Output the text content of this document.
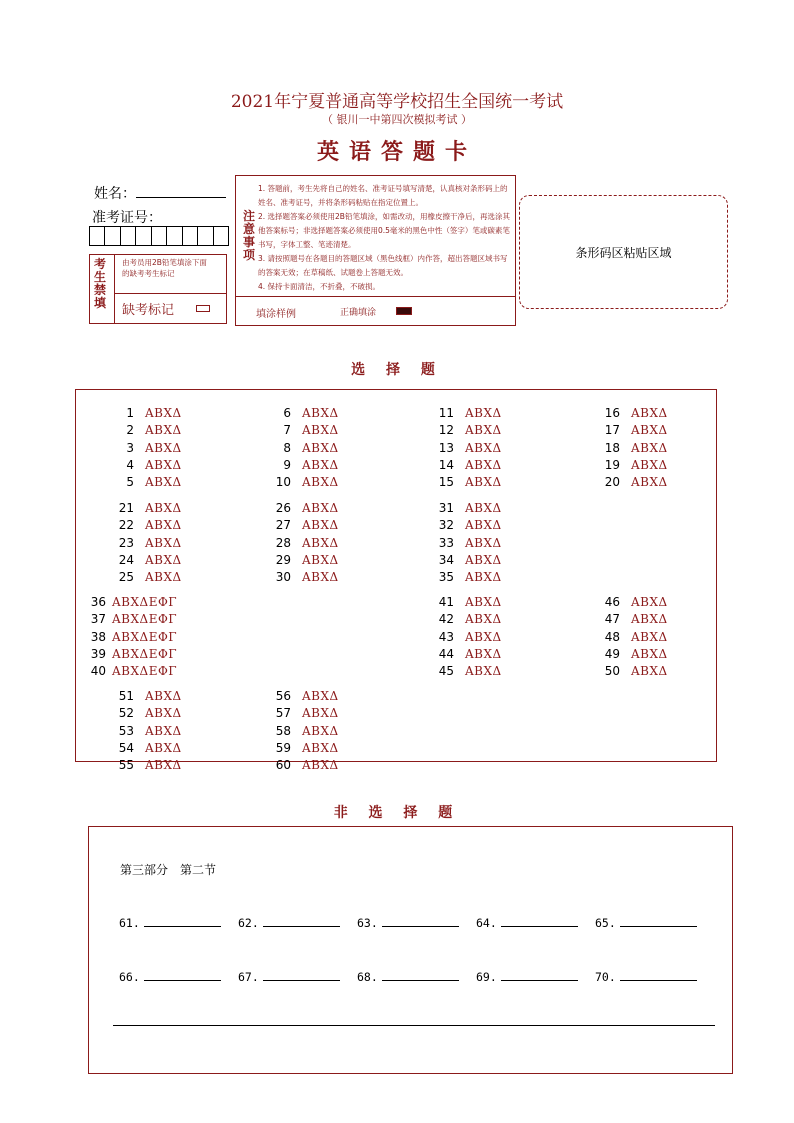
2021年宁夏普通高等学校招生全国统一考试
（ 银川一中第四次模拟考试 ）
英语答题卡
姓名：
准考证号：
考生禁填
由考员用2B铅笔填涂下面的缺考考生标记
缺考标记
注意事项
1. 答题前，考生先将自己的姓名、准考证号填写清楚，认真核对条形码上的姓名、准考证号，并将条形码粘贴在指定位置上。
2. 选择题答案必须使用2B铅笔填涂，如需改动，用橡皮擦干净后，再选涂其他答案标号；非选择题答案必须使用0.5毫米的黑色中性（签字）笔或碳素笔书写，字体工整、笔迹清楚。
3. 请按照题号在各题目的答题区域（黑色线框）内作答，超出答题区域书写的答案无效；在草稿纸、试题卷上答题无效。
4. 保持卡面清洁，不折叠，不破损。
填涂样例	正确填涂
条形码区粘贴区域
选 择 题
1 ΑΒΧΔ
2 ΑΒΧΔ
3 ΑΒΧΔ
4 ΑΒΧΔ
5 ΑΒΧΔ
6 ΑΒΧΔ
7 ΑΒΧΔ
8 ΑΒΧΔ
9 ΑΒΧΔ
10 ΑΒΧΔ
11 ΑΒΧΔ
12 ΑΒΧΔ
13 ΑΒΧΔ
14 ΑΒΧΔ
15 ΑΒΧΔ
16 ΑΒΧΔ
17 ΑΒΧΔ
18 ΑΒΧΔ
19 ΑΒΧΔ
20 ΑΒΧΔ
21 ΑΒΧΔ
22 ΑΒΧΔ
23 ΑΒΧΔ
24 ΑΒΧΔ
25 ΑΒΧΔ
26 ΑΒΧΔ
27 ΑΒΧΔ
28 ΑΒΧΔ
29 ΑΒΧΔ
30 ΑΒΧΔ
31 ΑΒΧΔ
32 ΑΒΧΔ
33 ΑΒΧΔ
34 ΑΒΧΔ
35 ΑΒΧΔ
36 ΑΒΧΔΕΦΓ
37 ΑΒΧΔΕΦΓ
38 ΑΒΧΔΕΦΓ
39 ΑΒΧΔΕΦΓ
40 ΑΒΧΔΕΦΓ
41 ΑΒΧΔ
42 ΑΒΧΔ
43 ΑΒΧΔ
44 ΑΒΧΔ
45 ΑΒΧΔ
46 ΑΒΧΔ
47 ΑΒΧΔ
48 ΑΒΧΔ
49 ΑΒΧΔ
50 ΑΒΧΔ
51 ΑΒΧΔ
52 ΑΒΧΔ
53 ΑΒΧΔ
54 ΑΒΧΔ
55 ΑΒΧΔ
56 ΑΒΧΔ
57 ΑΒΧΔ
58 ΑΒΧΔ
59 ΑΒΧΔ
60 ΑΒΧΔ
非 选 择 题
第三部分　第二节
61.	62.	63.	64.	65.
66.	67.	68.	69.	70.
